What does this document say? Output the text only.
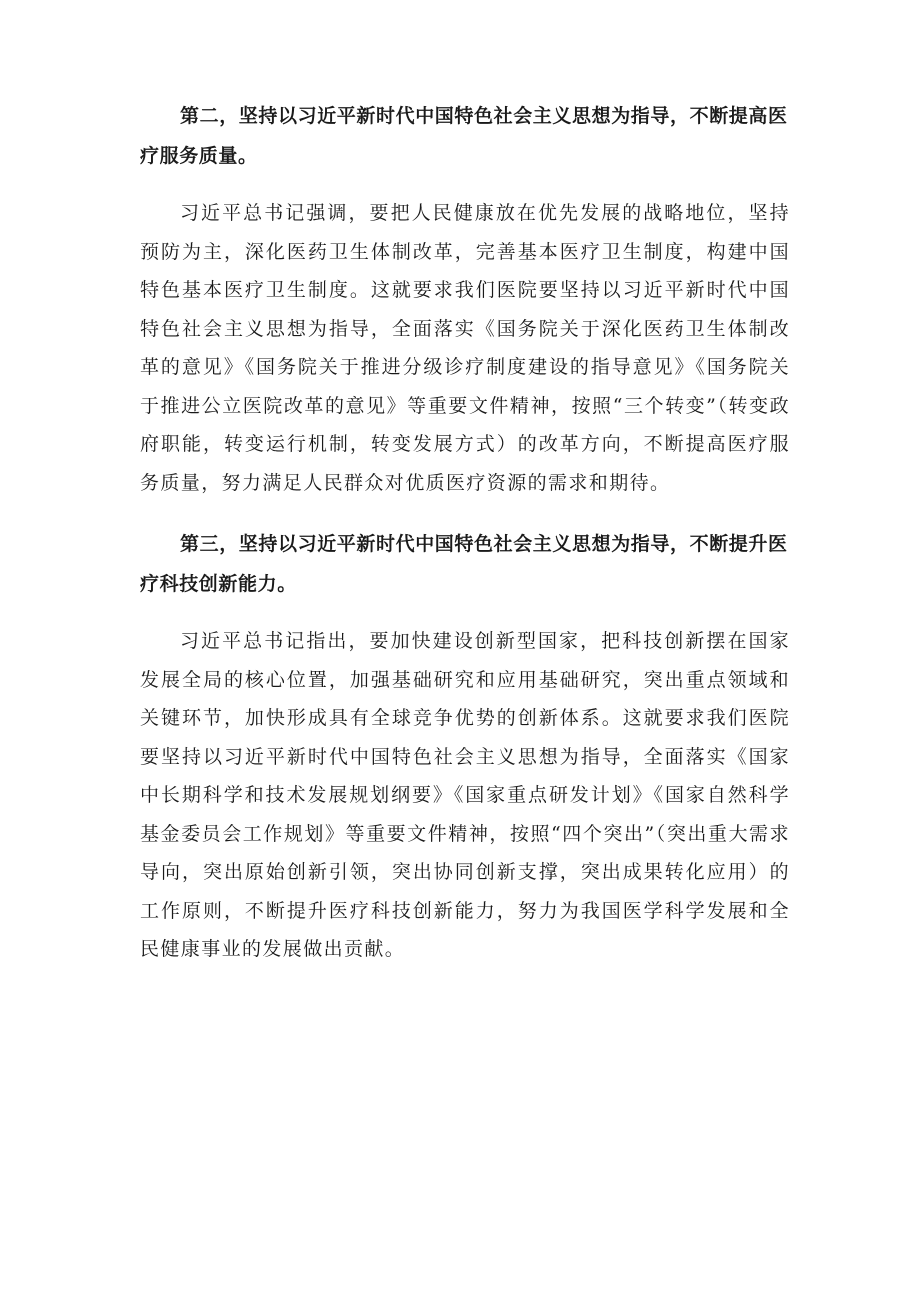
第二，坚持以习近平新时代中国特色社会主义思想为指导，不断提高医疗服务质量。

习近平总书记强调，要把人民健康放在优先发展的战略地位，坚持预防为主，深化医药卫生体制改革，完善基本医疗卫生制度，构建中国特色基本医疗卫生制度。这就要求我们医院要坚持以习近平新时代中国特色社会主义思想为指导，全面落实《国务院关于深化医药卫生体制改革的意见》《国务院关于推进分级诊疗制度建设的指导意见》《国务院关于推进公立医院改革的意见》等重要文件精神，按照“三个转变”（转变政府职能，转变运行机制，转变发展方式）的改革方向，不断提高医疗服务质量，努力满足人民群众对优质医疗资源的需求和期待。

第三，坚持以习近平新时代中国特色社会主义思想为指导，不断提升医疗科技创新能力。

习近平总书记指出，要加快建设创新型国家，把科技创新摆在国家发展全局的核心位置，加强基础研究和应用基础研究，突出重点领域和关键环节，加快形成具有全球竞争优势的创新体系。这就要求我们医院要坚持以习近平新时代中国特色社会主义思想为指导，全面落实《国家中长期科学和技术发展规划纲要》《国家重点研发计划》《国家自然科学基金委员会工作规划》等重要文件精神，按照“四个突出”（突出重大需求导向，突出原始创新引领，突出协同创新支撑，突出成果转化应用）的工作原则，不断提升医疗科技创新能力，努力为我国医学科学发展和全民健康事业的发展做出贡献。
